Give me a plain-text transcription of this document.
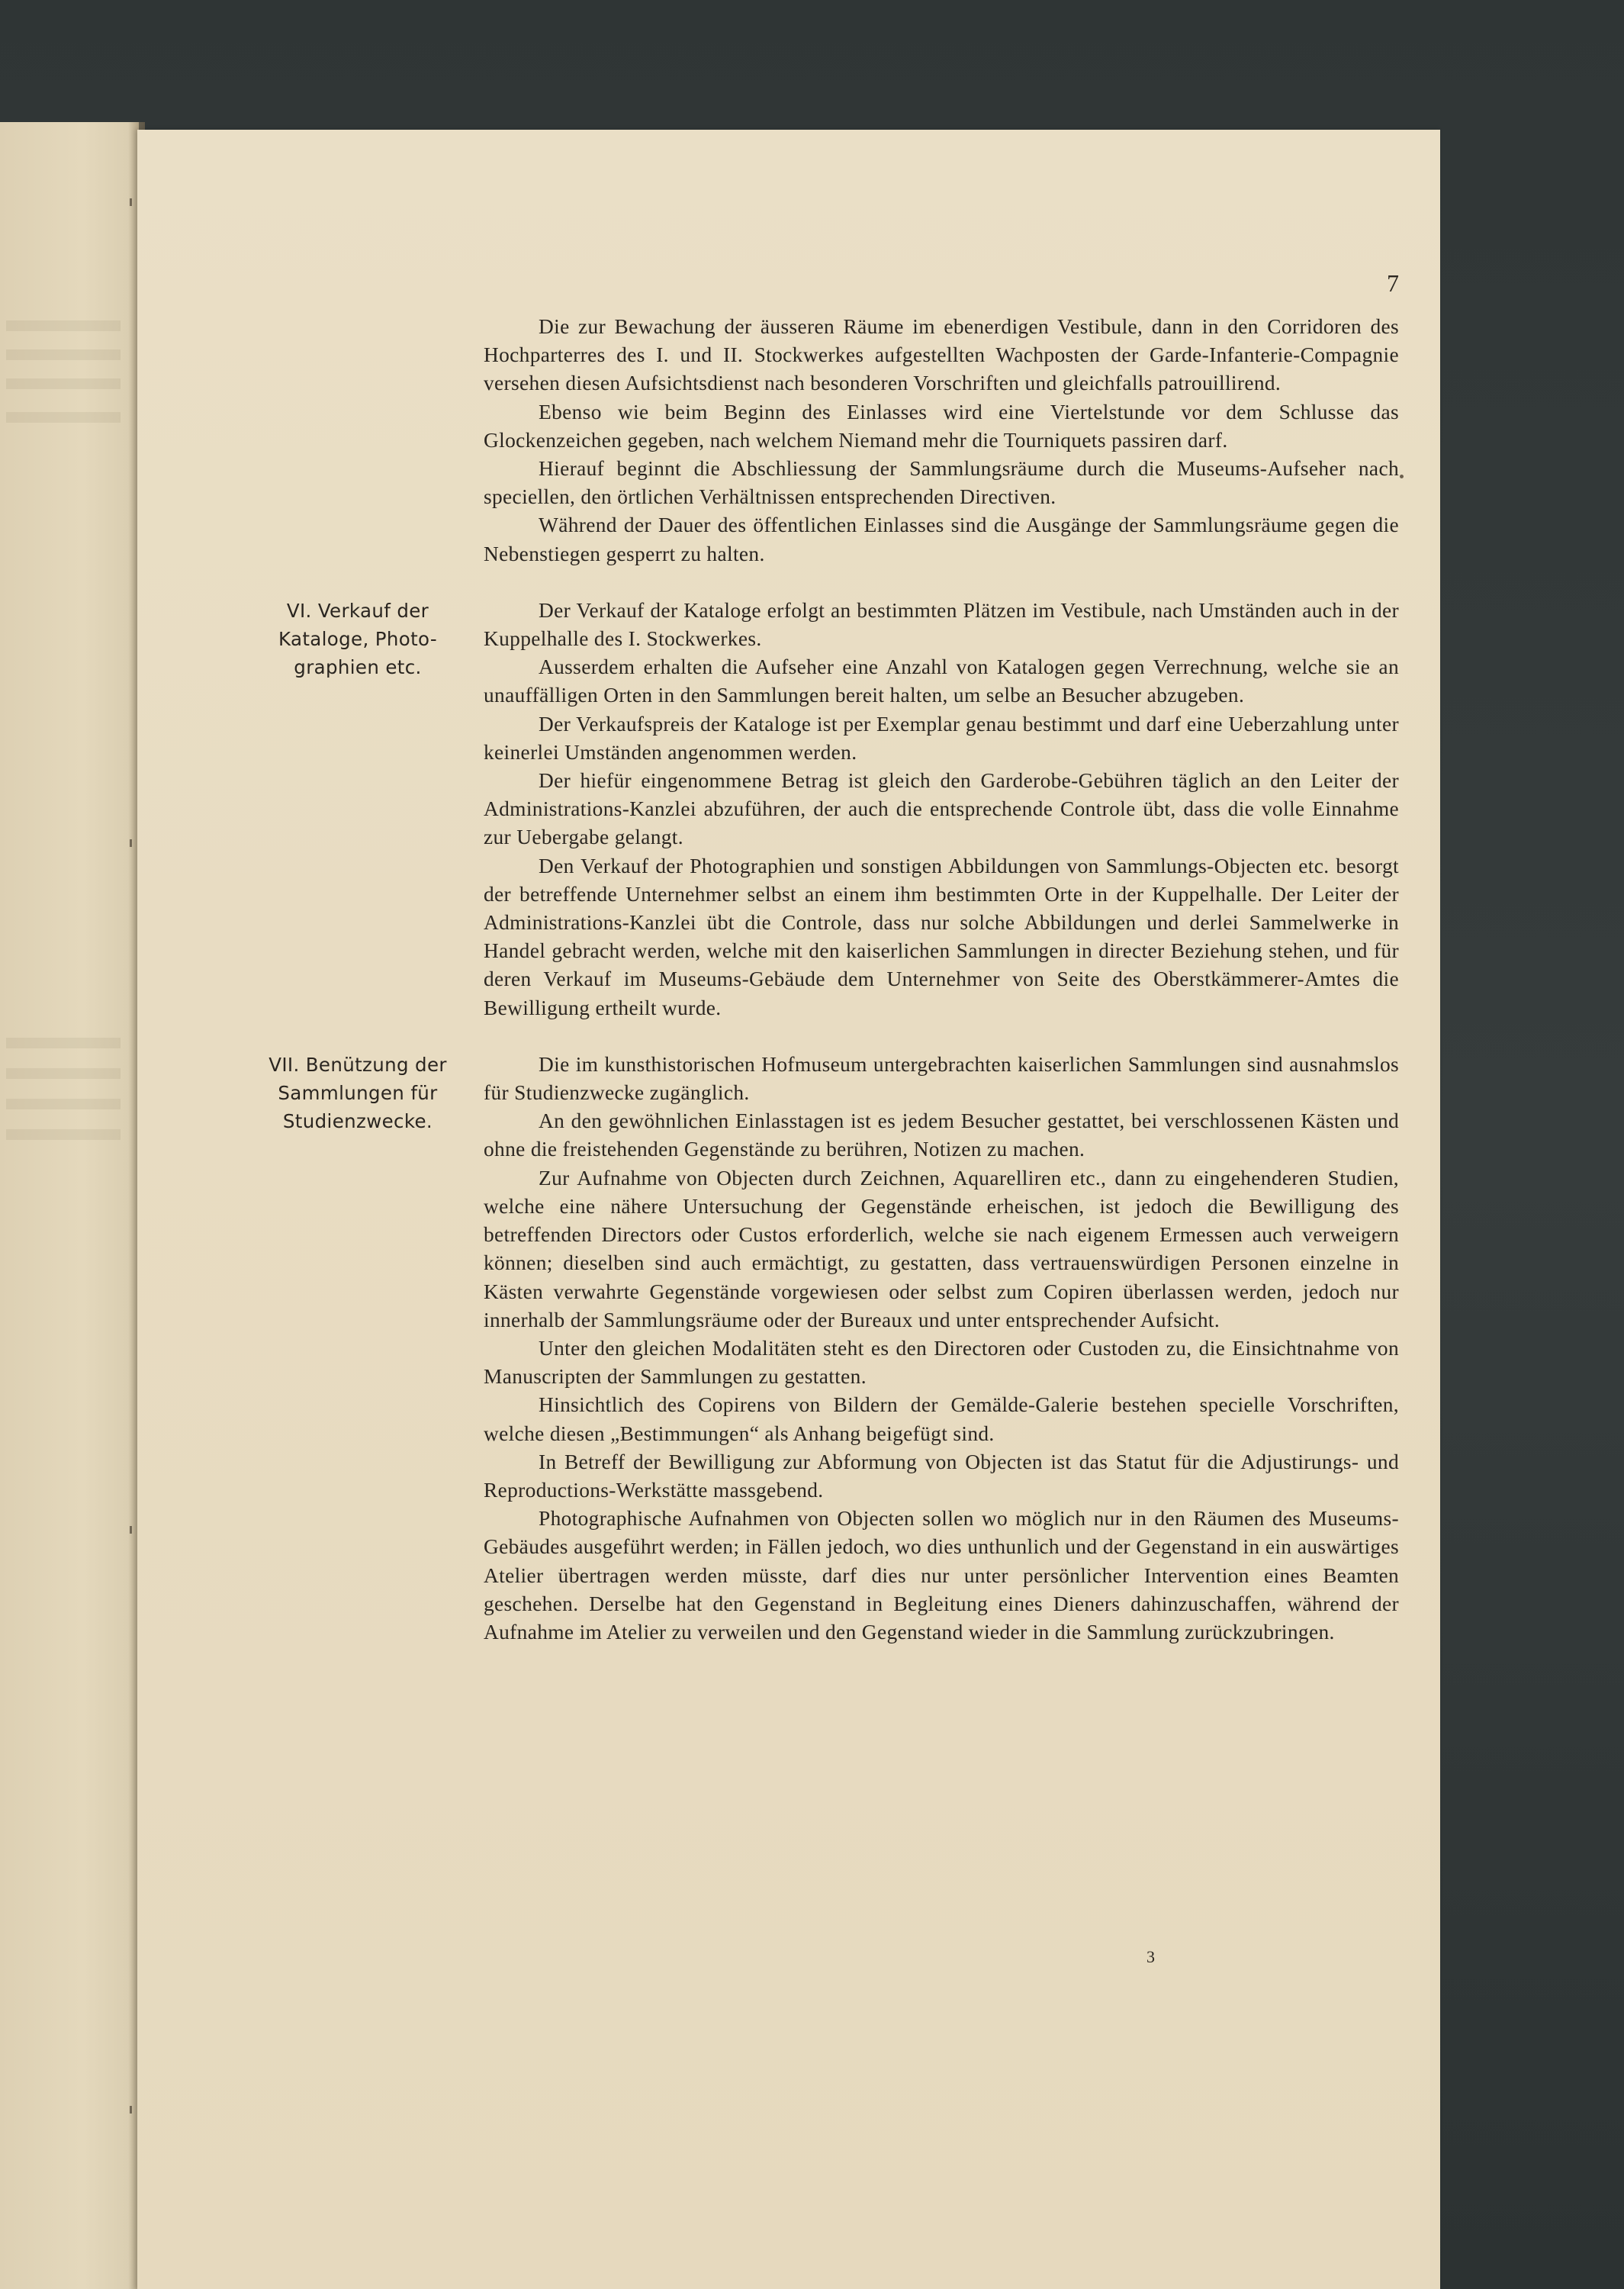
7

Die zur Bewachung der äusseren Räume im ebenerdigen Vestibule, dann in den Corridoren des Hochparterres des I. und II. Stockwerkes aufgestellten Wachposten der Garde-Infanterie-Compagnie versehen diesen Aufsichtsdienst nach besonderen Vorschriften und gleichfalls patrouillirend.

Ebenso wie beim Beginn des Einlasses wird eine Viertelstunde vor dem Schlusse das Glockenzeichen gegeben, nach welchem Niemand mehr die Tourniquets passiren darf.

Hierauf beginnt die Abschliessung der Sammlungsräume durch die Museums-Aufseher nach speciellen, den örtlichen Verhältnissen entsprechenden Directiven.

Während der Dauer des öffentlichen Einlasses sind die Ausgänge der Sammlungsräume gegen die Nebenstiegen gesperrt zu halten.

VI. Verkauf der Kataloge, Photo-graphien etc.

Der Verkauf der Kataloge erfolgt an bestimmten Plätzen im Vestibule, nach Umständen auch in der Kuppelhalle des I. Stockwerkes.

Ausserdem erhalten die Aufseher eine Anzahl von Katalogen gegen Verrechnung, welche sie an unauffälligen Orten in den Sammlungen bereit halten, um selbe an Besucher abzugeben.

Der Verkaufspreis der Kataloge ist per Exemplar genau bestimmt und darf eine Ueberzahlung unter keinerlei Umständen angenommen werden.

Der hiefür eingenommene Betrag ist gleich den Garderobe-Gebühren täglich an den Leiter der Administrations-Kanzlei abzuführen, der auch die entsprechende Controle übt, dass die volle Einnahme zur Uebergabe gelangt.

Den Verkauf der Photographien und sonstigen Abbildungen von Sammlungs-Objecten etc. besorgt der betreffende Unternehmer selbst an einem ihm bestimmten Orte in der Kuppelhalle. Der Leiter der Administrations-Kanzlei übt die Controle, dass nur solche Abbildungen und derlei Sammelwerke in Handel gebracht werden, welche mit den kaiserlichen Sammlungen in directer Beziehung stehen, und für deren Verkauf im Museums-Gebäude dem Unternehmer von Seite des Oberstkämmerer-Amtes die Bewilligung ertheilt wurde.

VII. Benützung der Sammlungen für Studienzwecke.

Die im kunsthistorischen Hofmuseum untergebrachten kaiserlichen Sammlungen sind ausnahmslos für Studienzwecke zugänglich.

An den gewöhnlichen Einlasstagen ist es jedem Besucher gestattet, bei verschlossenen Kästen und ohne die freistehenden Gegenstände zu berühren, Notizen zu machen.

Zur Aufnahme von Objecten durch Zeichnen, Aquarelliren etc., dann zu eingehenderen Studien, welche eine nähere Untersuchung der Gegenstände erheischen, ist jedoch die Bewilligung des betreffenden Directors oder Custos erforderlich, welche sie nach eigenem Ermessen auch verweigern können; dieselben sind auch ermächtigt, zu gestatten, dass vertrauenswürdigen Personen einzelne in Kästen verwahrte Gegenstände vorgewiesen oder selbst zum Copiren überlassen werden, jedoch nur innerhalb der Sammlungsräume oder der Bureaux und unter entsprechender Aufsicht.

Unter den gleichen Modalitäten steht es den Directoren oder Custoden zu, die Einsichtnahme von Manuscripten der Sammlungen zu gestatten.

Hinsichtlich des Copirens von Bildern der Gemälde-Galerie bestehen specielle Vorschriften, welche diesen „Bestimmungen“ als Anhang beigefügt sind.

In Betreff der Bewilligung zur Abformung von Objecten ist das Statut für die Adjustirungs- und Reproductions-Werkstätte massgebend.

Photographische Aufnahmen von Objecten sollen wo möglich nur in den Räumen des Museums-Gebäudes ausgeführt werden; in Fällen jedoch, wo dies unthunlich und der Gegenstand in ein auswärtiges Atelier übertragen werden müsste, darf dies nur unter persönlicher Intervention eines Beamten geschehen. Derselbe hat den Gegenstand in Begleitung eines Dieners dahinzuschaffen, während der Aufnahme im Atelier zu verweilen und den Gegenstand wieder in die Sammlung zurückzubringen.

3
